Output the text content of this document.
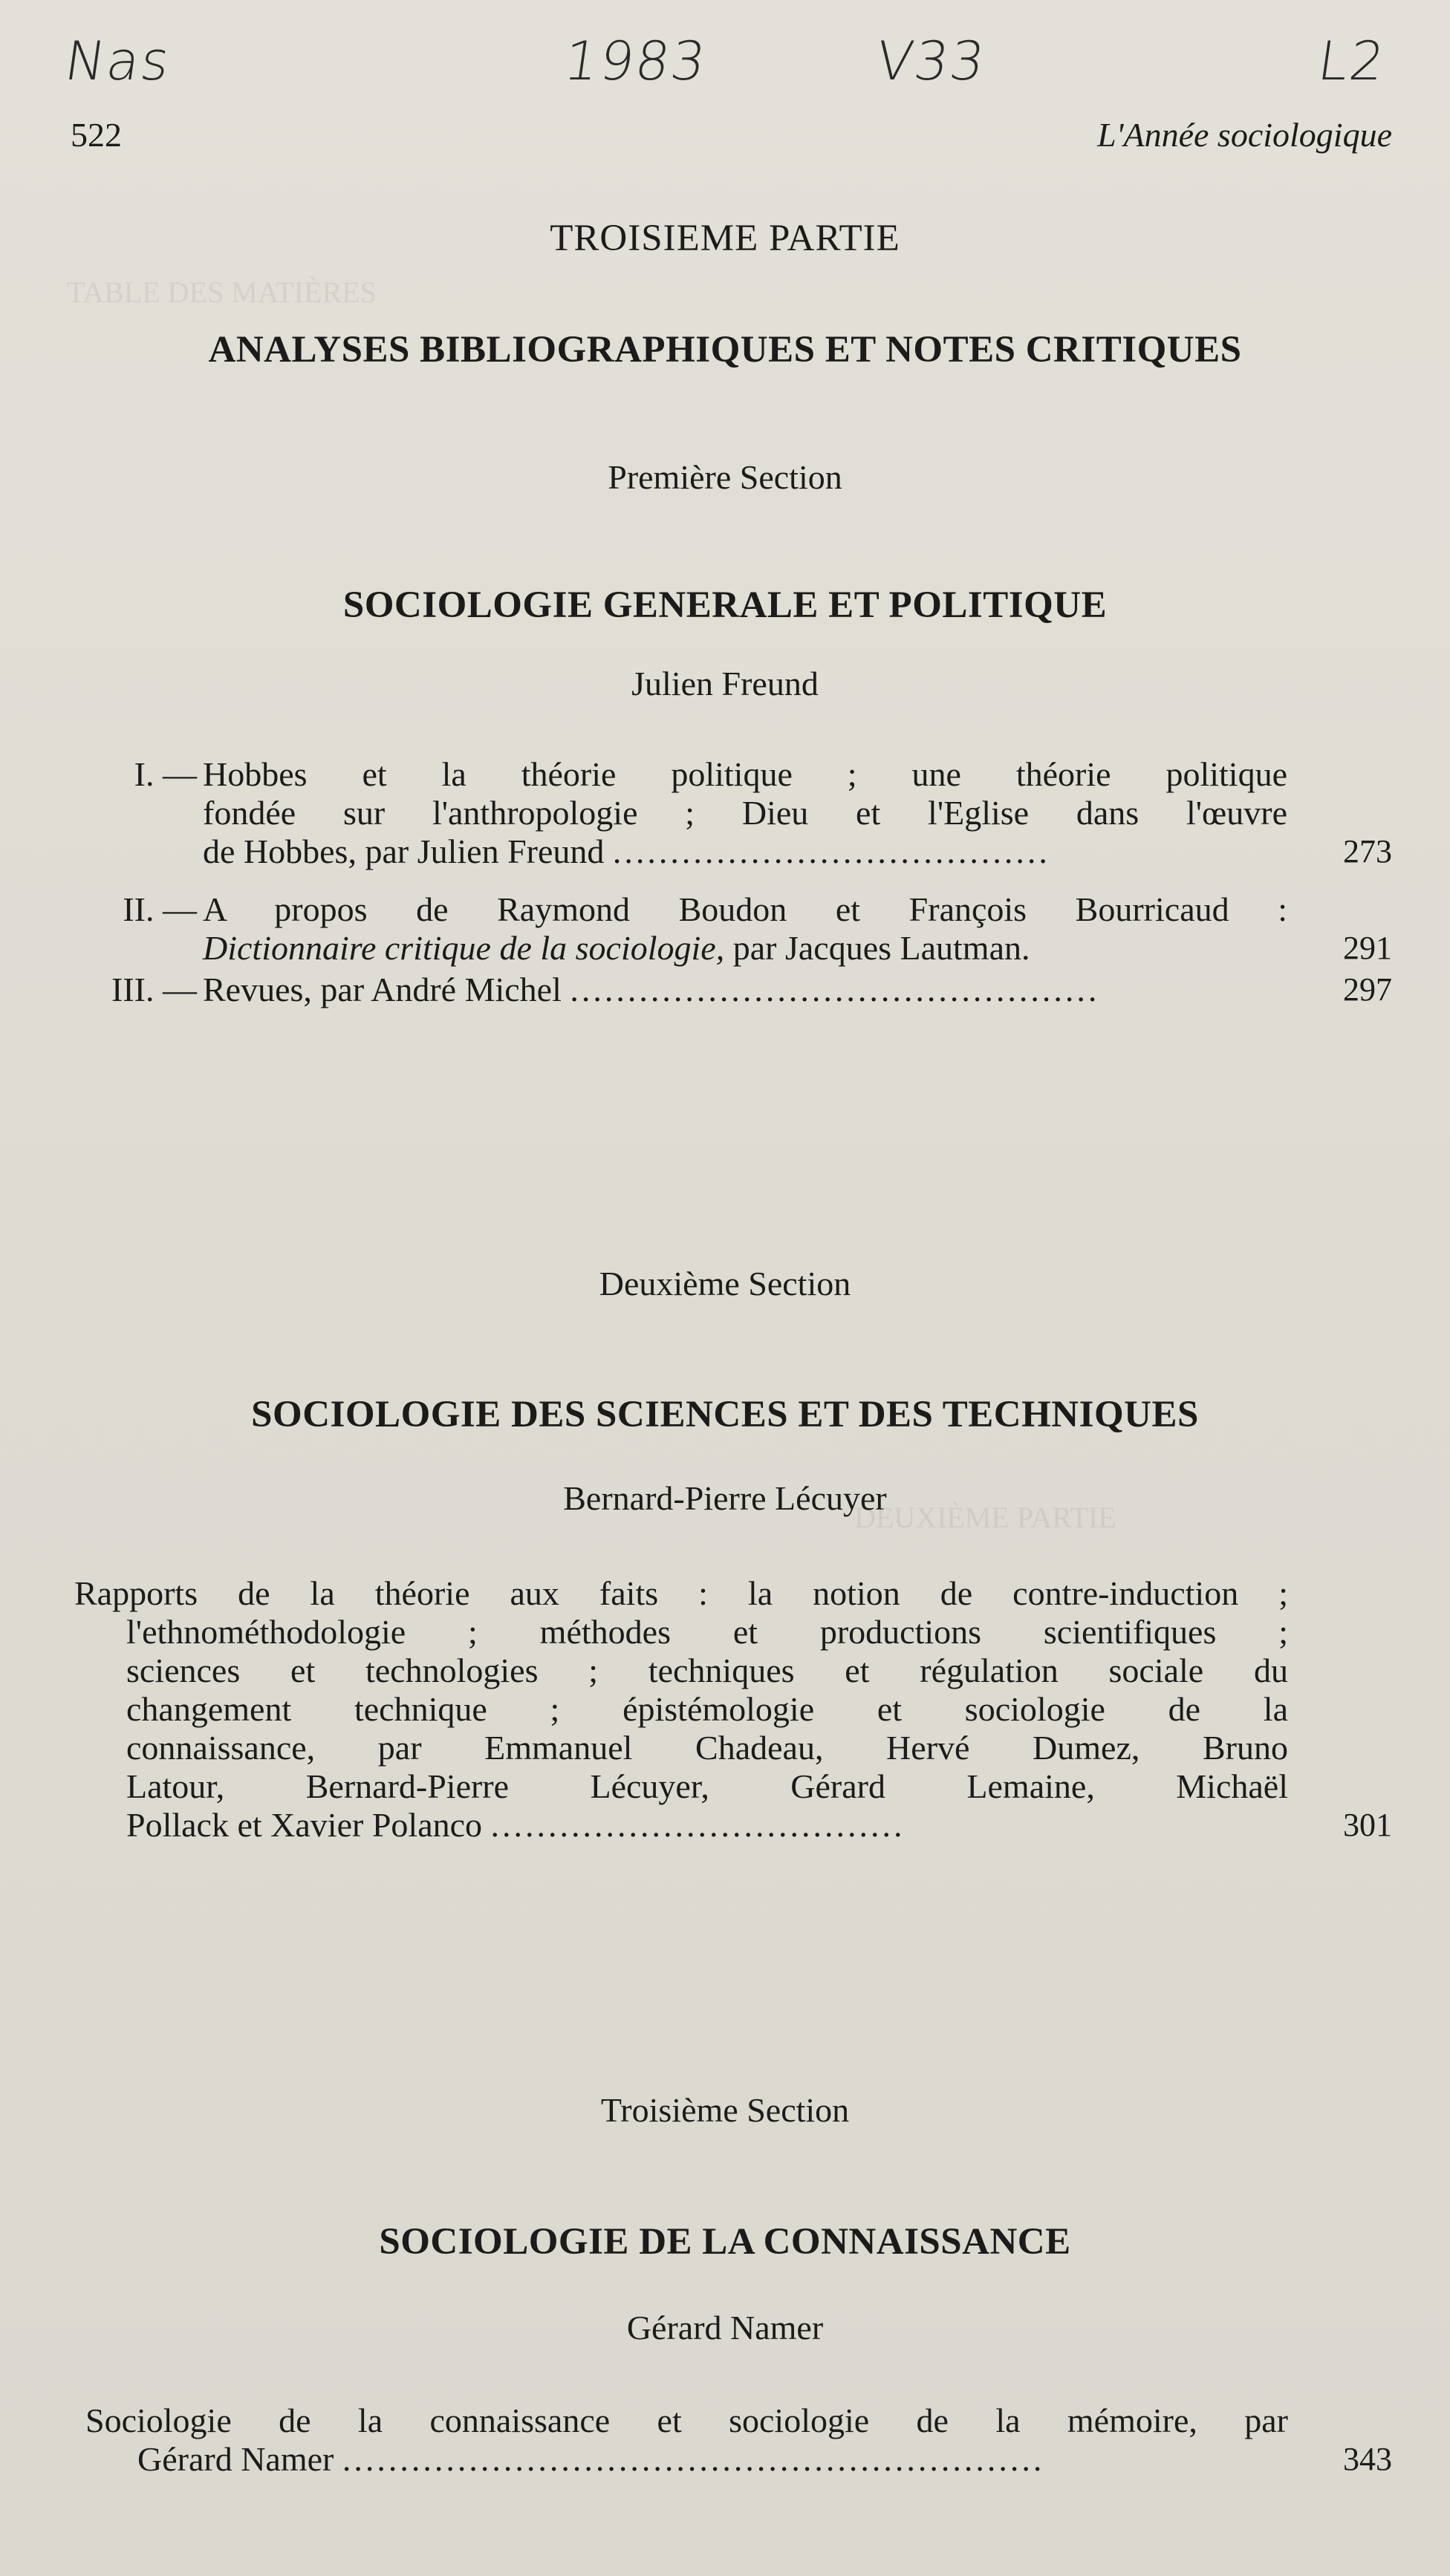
TABLE DES MATIÈRES
DEUXIÈME PARTIE
Nas	1983	V33	L2
522	L'Année sociologique
TROISIEME PARTIE
ANALYSES BIBLIOGRAPHIQUES ET NOTES CRITIQUES
Première Section
SOCIOLOGIE GENERALE ET POLITIQUE
Julien Freund
I. — Hobbes et la théorie politique ; une théorie politique
fondée sur l'anthropologie ; Dieu et l'Eglise dans l'œuvre
de Hobbes, par Julien Freund ......................................	273
II. — A propos de Raymond Boudon et François Bourricaud :
Dictionnaire critique de la sociologie, par Jacques Lautman.	291
III. — Revues, par André Michel ..............................................	297
Deuxième Section
SOCIOLOGIE DES SCIENCES ET DES TECHNIQUES
Bernard-Pierre Lécuyer
Rapports de la théorie aux faits : la notion de contre-induction ;
l'ethnométhodologie ; méthodes et productions scientifiques ;
sciences et technologies ; techniques et régulation sociale du
changement technique ; épistémologie et sociologie de la
connaissance, par Emmanuel Chadeau, Hervé Dumez, Bruno
Latour, Bernard-Pierre Lécuyer, Gérard Lemaine, Michaël
Pollack et Xavier Polanco ....................................	301
Troisième Section
SOCIOLOGIE DE LA CONNAISSANCE
Gérard Namer
Sociologie de la connaissance et sociologie de la mémoire, par
Gérard Namer .............................................................	343
